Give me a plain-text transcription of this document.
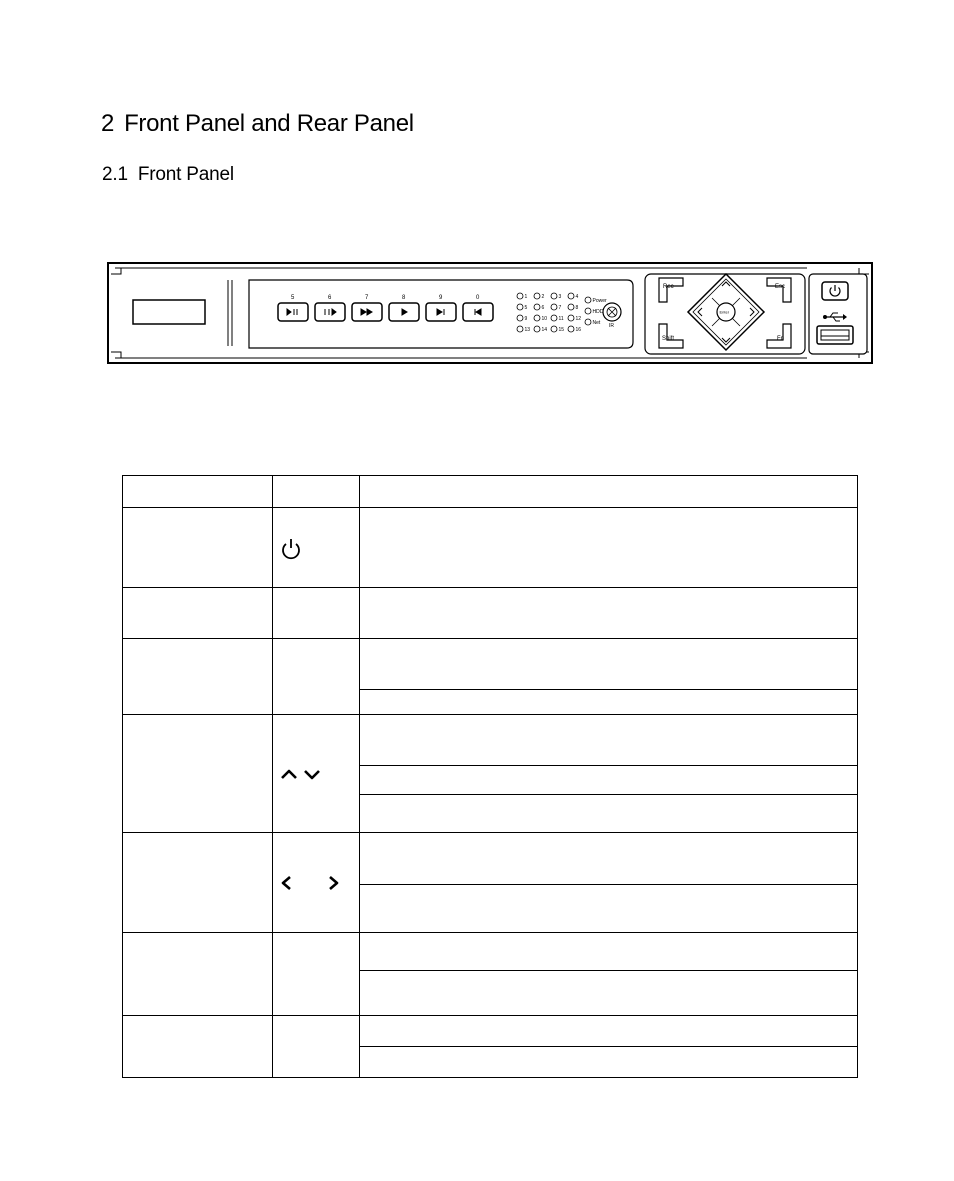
2 Front Panel and Rear Panel
2.1 Front Panel
5	6	7	8	9	0	1	2	3	4
5	6	7	8
9	10 11 12
13 14 15 16
Power
HDD
Net IR
Rec	Esc
Shift	Fn
Enter
